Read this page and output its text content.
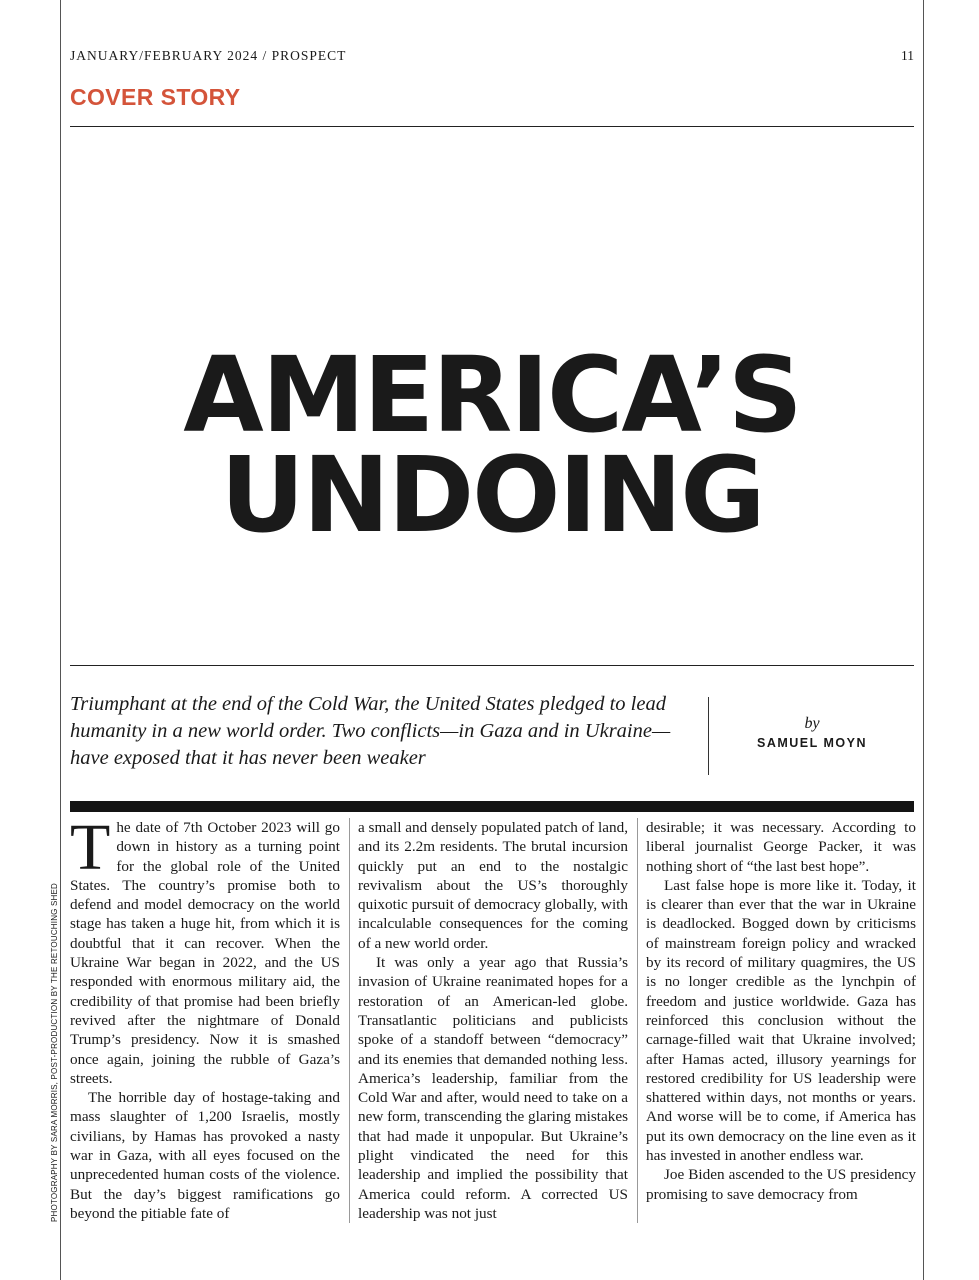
JANUARY/FEBRUARY 2024 / PROSPECT	11
COVER STORY
AMERICA’S
UNDOING
Triumphant at the end of the Cold War, the United States pledged to lead humanity in a new world order. Two conflicts—in Gaza and in Ukraine—have exposed that it has never been weaker
by
SAMUEL MOYN
PHOTOGRAPHY BY SARA MORRIS, POST-PRODUCTION BY THE RETOUCHING SHED

The date of 7th October 2023 will go down in history as a turning point for the global role of the United States. The country’s promise both to defend and model democracy on the world stage has taken a huge hit, from which it is doubtful that it can recover. When the Ukraine War began in 2022, and the US responded with enormous military aid, the credibility of that promise had been briefly revived after the nightmare of Donald Trump’s presidency. Now it is smashed once again, joining the rubble of Gaza’s streets.

The horrible day of hostage-taking and mass slaughter of 1,200 Israelis, mostly civilians, by Hamas has provoked a nasty war in Gaza, with all eyes focused on the unprecedented human costs of the violence. But the day’s biggest ramifications go beyond the pitiable fate of

a small and densely populated patch of land, and its 2.2m residents. The brutal incursion quickly put an end to the nostalgic revivalism about the US’s thoroughly quixotic pursuit of democracy globally, with incalculable consequences for the coming of a new world order.

It was only a year ago that Russia’s invasion of Ukraine reanimated hopes for a restoration of an American-led globe. Transatlantic politicians and publicists spoke of a standoff between “democracy” and its enemies that demanded nothing less. America’s leadership, familiar from the Cold War and after, would need to take on a new form, transcending the glaring mistakes that had made it unpopular. But Ukraine’s plight vindicated the need for this leadership and implied the possibility that America could reform. A corrected US leadership was not just

desirable; it was necessary. According to liberal journalist George Packer, it was nothing short of “the last best hope”.

Last false hope is more like it. Today, it is clearer than ever that the war in Ukraine is deadlocked. Bogged down by criticisms of mainstream foreign policy and wracked by its record of military quagmires, the US is no longer credible as the lynchpin of freedom and justice worldwide. Gaza has reinforced this conclusion without the carnage-filled wait that Ukraine involved; after Hamas acted, illusory yearnings for restored credibility for US leadership were shattered within days, not months or years. And worse will be to come, if America has put its own democracy on the line even as it has invested in another endless war.

Joe Biden ascended to the US presidency promising to save democracy from
